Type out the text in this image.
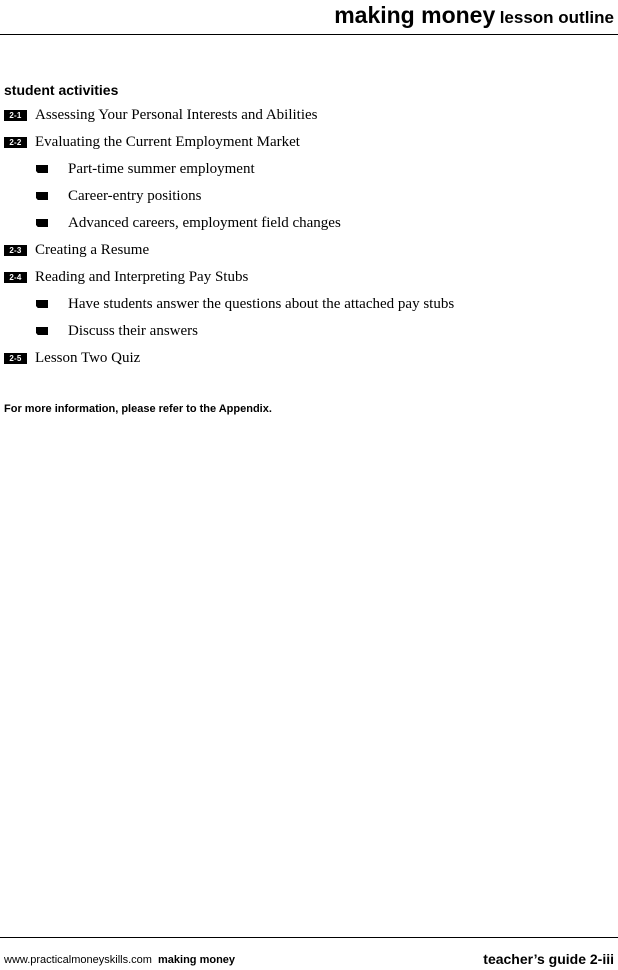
making money lesson outline
student activities
2-1 Assessing Your Personal Interests and Abilities
2-2 Evaluating the Current Employment Market
Part-time summer employment
Career-entry positions
Advanced careers, employment field changes
2-3 Creating a Resume
2-4 Reading and Interpreting Pay Stubs
Have students answer the questions about the attached pay stubs
Discuss their answers
2-5 Lesson Two Quiz
For more information, please refer to the Appendix.
www.practicalmoneyskills.com making money	teacher’s guide 2-iii
